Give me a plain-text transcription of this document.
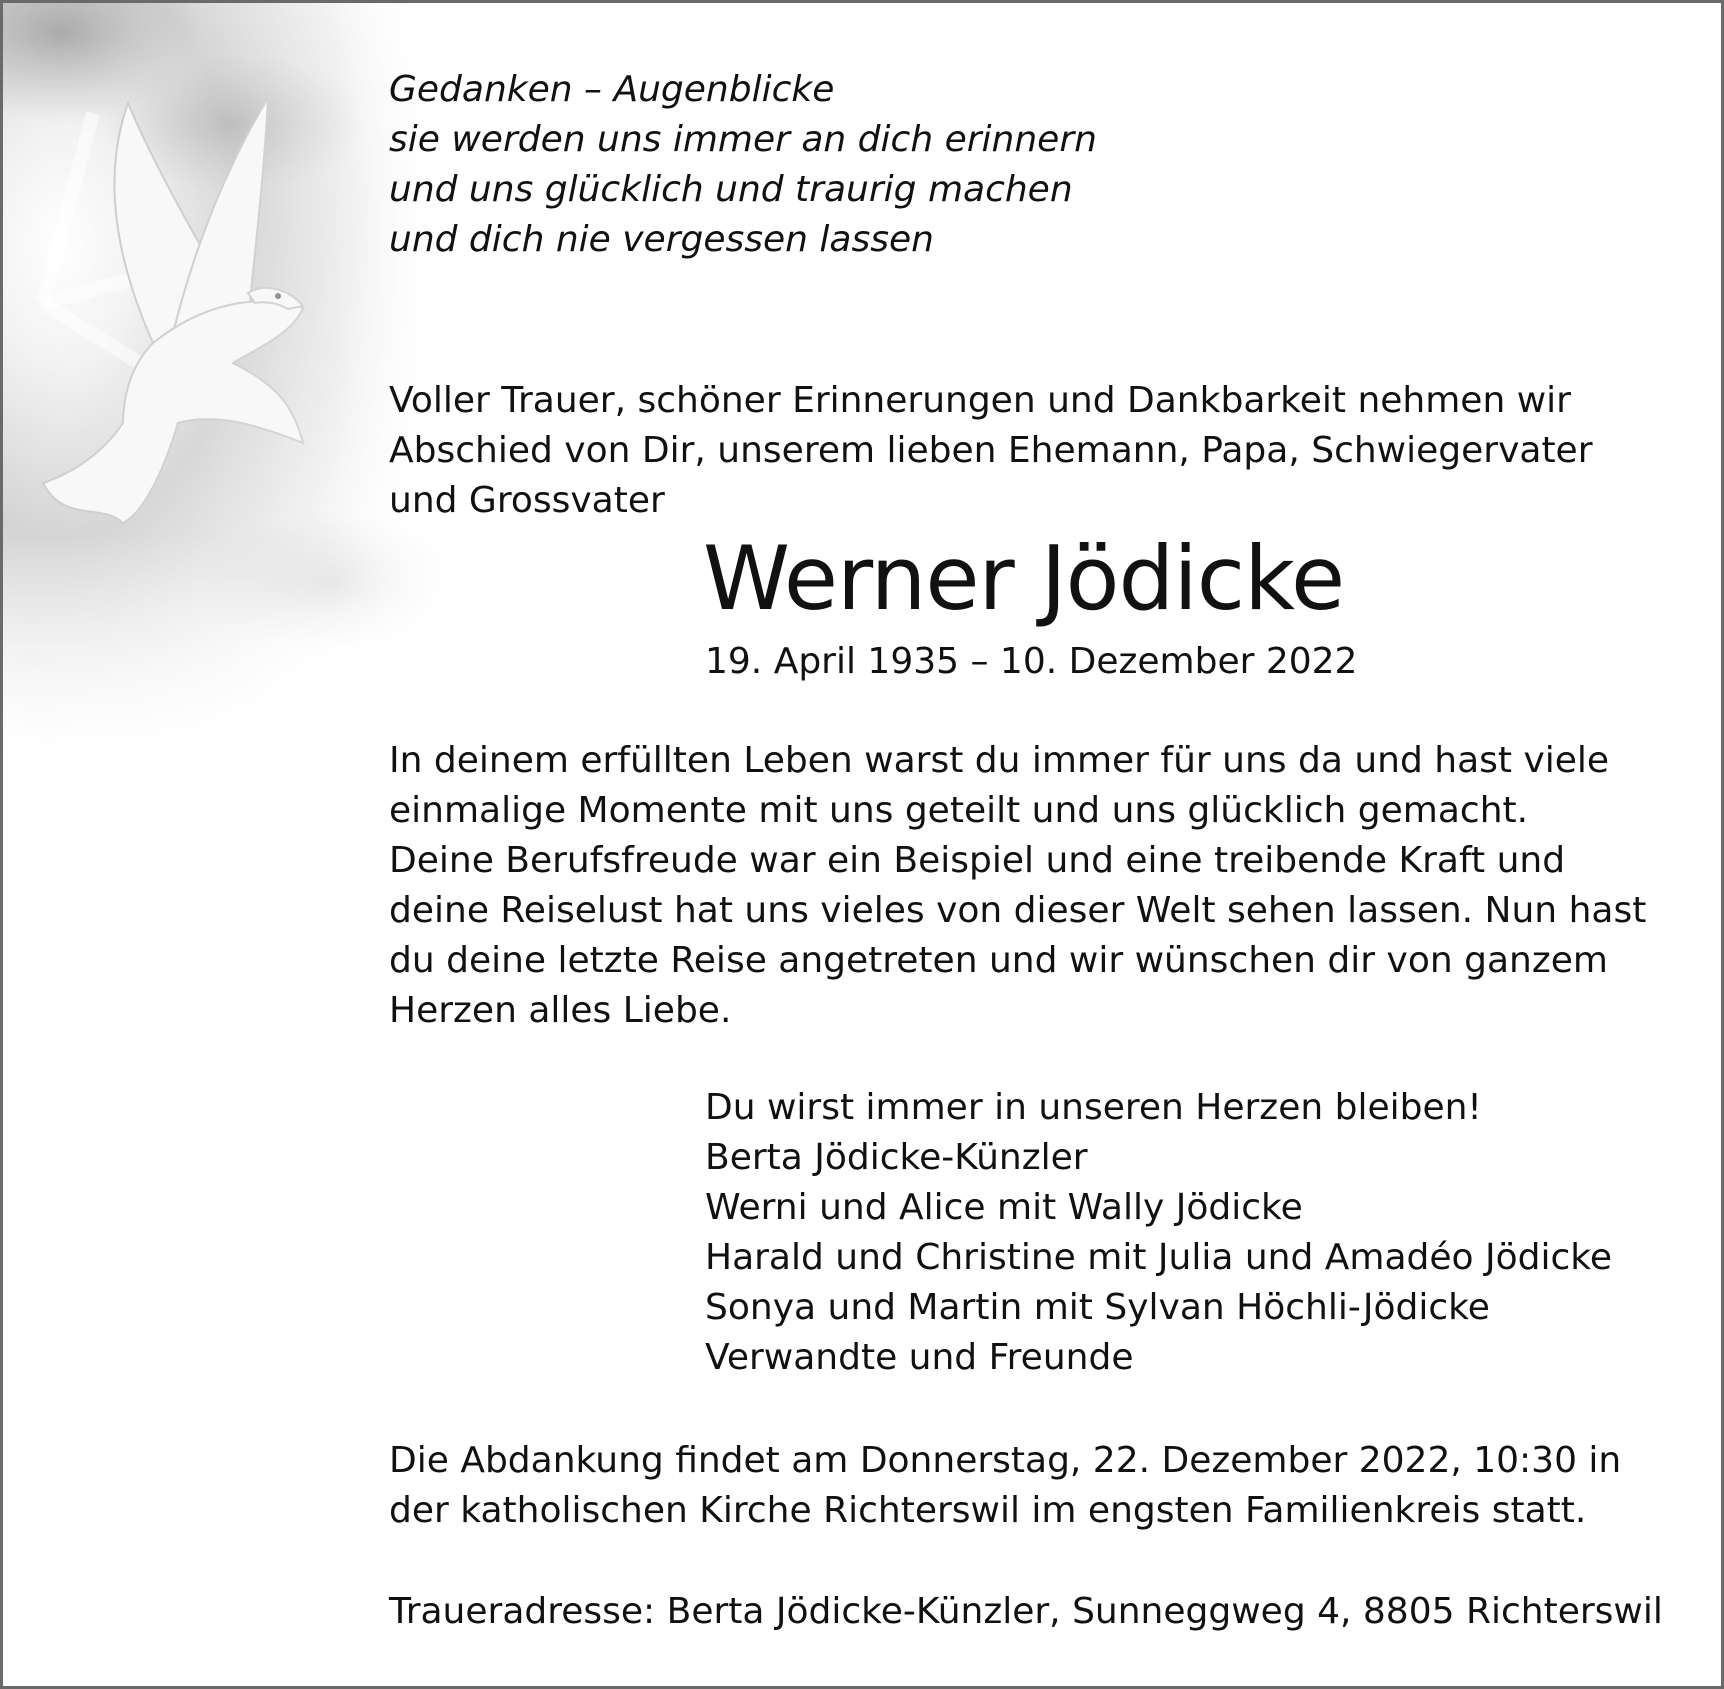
Gedanken – Augenblicke
sie werden uns immer an dich erinnern
und uns glücklich und traurig machen
und dich nie vergessen lassen
Voller Trauer, schöner Erinnerungen und Dankbarkeit nehmen wir
Abschied von Dir, unserem lieben Ehemann, Papa, Schwiegervater
und Grossvater
Werner Jödicke
19. April 1935 – 10. Dezember 2022
In deinem erfüllten Leben warst du immer für uns da und hast viele
einmalige Momente mit uns geteilt und uns glücklich gemacht.
Deine Berufsfreude war ein Beispiel und eine treibende Kraft und
deine Reiselust hat uns vieles von dieser Welt sehen lassen. Nun hast
du deine letzte Reise angetreten und wir wünschen dir von ganzem
Herzen alles Liebe.
Du wirst immer in unseren Herzen bleiben!
Berta Jödicke-Künzler
Werni und Alice mit Wally Jödicke
Harald und Christine mit Julia und Amadéo Jödicke
Sonya und Martin mit Sylvan Höchli-Jödicke
Verwandte und Freunde
Die Abdankung findet am Donnerstag, 22. Dezember 2022, 10:30 in
der katholischen Kirche Richterswil im engsten Familienkreis statt.
Traueradresse: Berta Jödicke-Künzler, Sunneggweg 4, 8805 Richterswil
